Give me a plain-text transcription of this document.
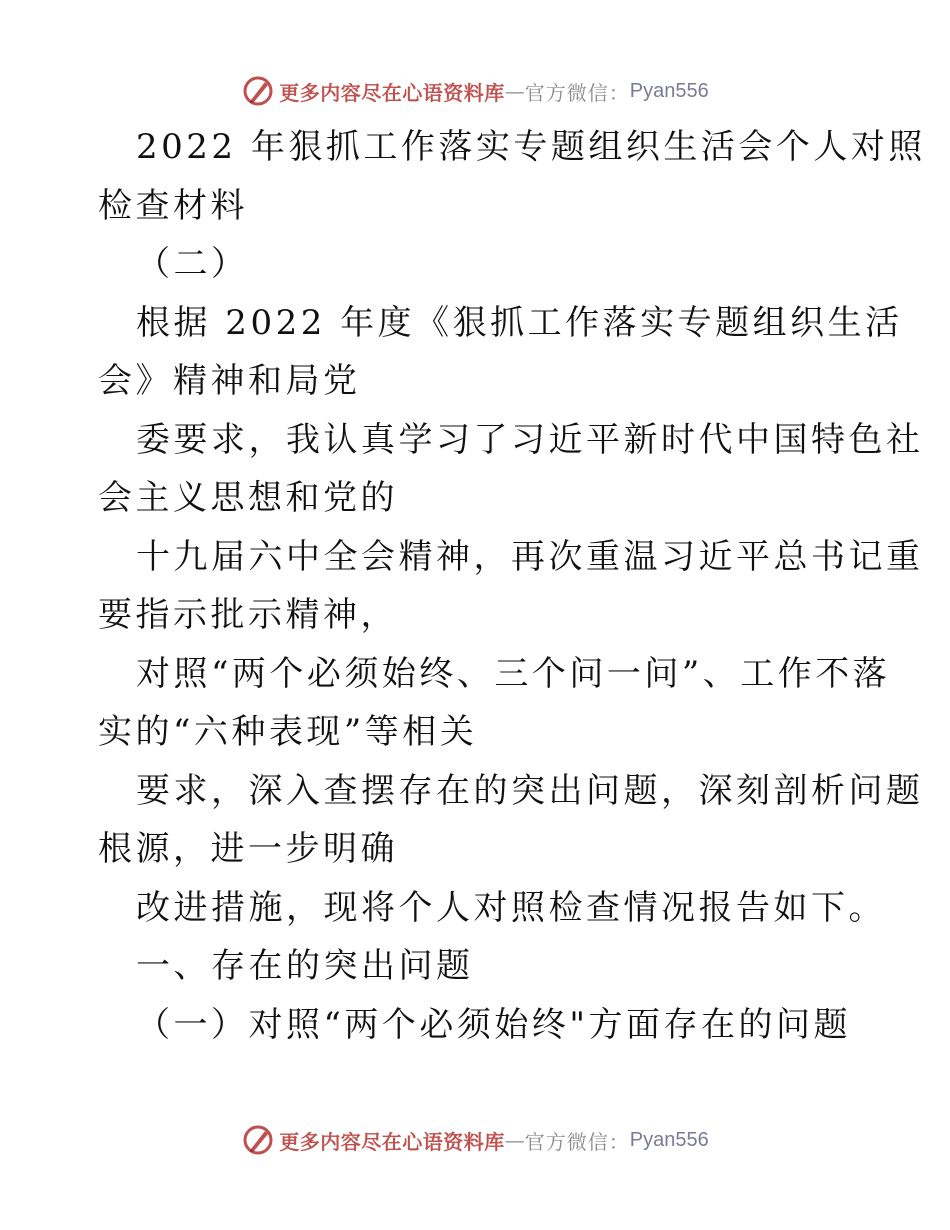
更多内容尽在心语资料库 — 官方微信： Pyan556
2022 年狠抓工作落实专题组织生活会个人对照
检查材料
（二）
根据 2022 年度《狠抓工作落实专题组织生活
会》精神和局党
委要求，我认真学习了习近平新时代中国特色社
会主义思想和党的
十九届六中全会精神，再次重温习近平总书记重
要指示批示精神，
对照“两个必须始终、三个问一问”、工作不落
实的“六种表现”等相关
要求，深入查摆存在的突出问题，深刻剖析问题
根源，进一步明确
改进措施，现将个人对照检查情况报告如下。
一、存在的突出问题
（一）对照“两个必须始终"方面存在的问题
更多内容尽在心语资料库 — 官方微信： Pyan556
